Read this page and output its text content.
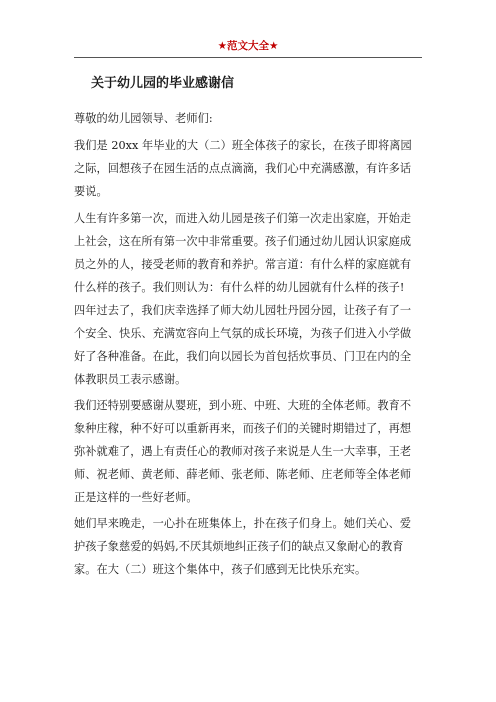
★范文大全★
关于幼儿园的毕业感谢信
尊敬的幼儿园领导、老师们:
我们是 20xx 年毕业的大（二）班全体孩子的家长，在孩子即将离园
之际，回想孩子在园生活的点点滴滴，我们心中充满感激，有许多话
要说。
人生有许多第一次，而进入幼儿园是孩子们第一次走出家庭，开始走
上社会，这在所有第一次中非常重要。孩子们通过幼儿园认识家庭成
员之外的人，接受老师的教育和养护。常言道：有什么样的家庭就有
什么样的孩子。我们则认为：有什么样的幼儿园就有什么样的孩子!
四年过去了，我们庆幸选择了师大幼儿园牡丹园分园，让孩子有了一
个安全、快乐、充满宽容向上气氛的成长环境，为孩子们进入小学做
好了各种准备。在此，我们向以园长为首包括炊事员、门卫在内的全
体教职员工表示感谢。
我们还特别要感谢从婴班，到小班、中班、大班的全体老师。教育不
象种庄稼，种不好可以重新再来，而孩子们的关键时期错过了，再想
弥补就难了，遇上有责任心的教师对孩子来说是人生一大幸事，王老
师、祝老师、黄老师、薛老师、张老师、陈老师、庄老师等全体老师
正是这样的一些好老师。
她们早来晚走，一心扑在班集体上，扑在孩子们身上。她们关心、爱
护孩子象慈爱的妈妈,不厌其烦地纠正孩子们的缺点又象耐心的教育
家。在大（二）班这个集体中，孩子们感到无比快乐充实。
